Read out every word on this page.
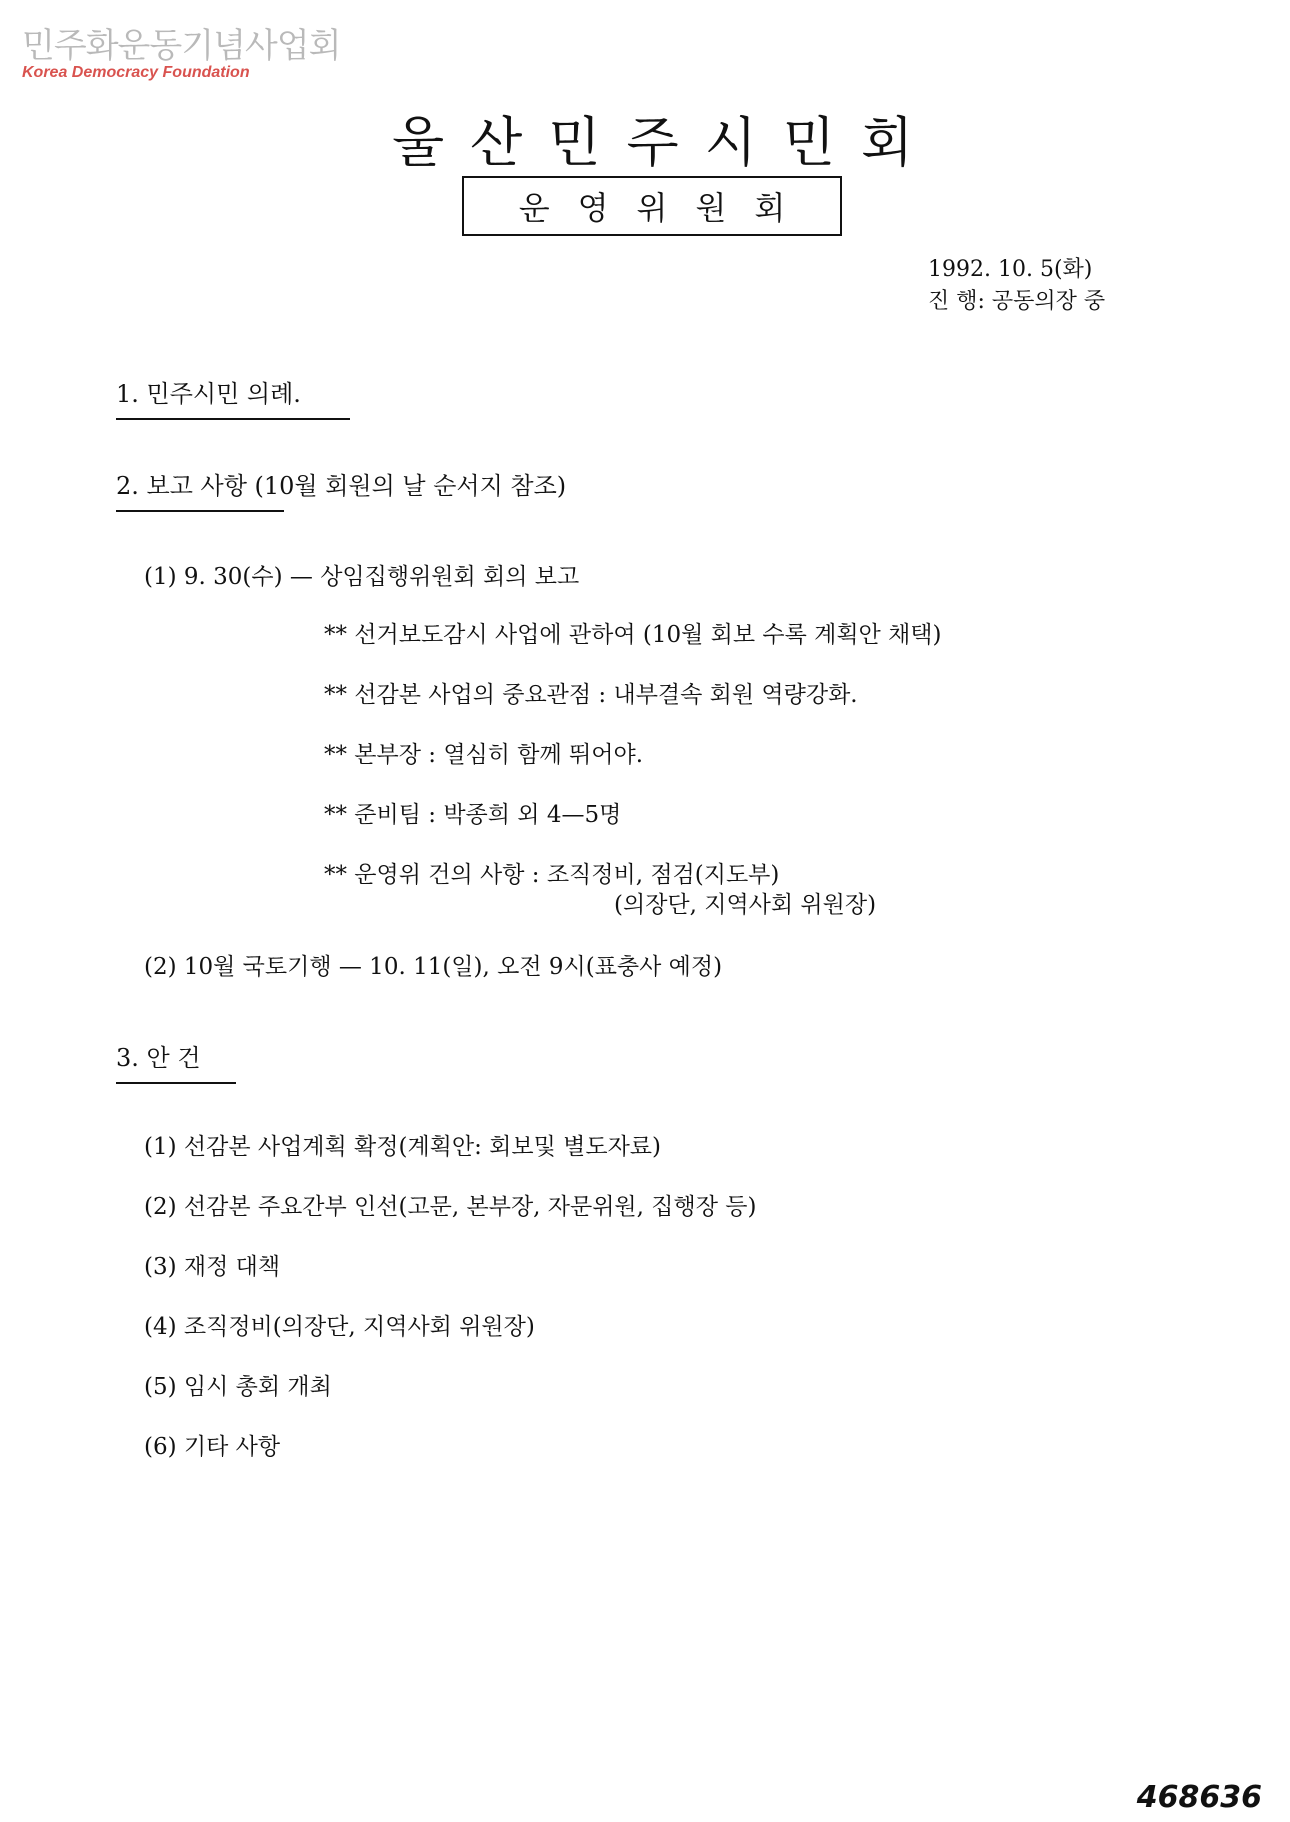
민주화운동기념사업회
Korea Democracy Foundation
울산민주시민회
운영위원회
1992. 10. 5(화)
진 행: 공동의장 중
1. 민주시민 의례.
2. 보고 사항 (10월 회원의 날 순서지 참조)
(1) 9. 30(수) — 상임집행위원회 회의 보고
** 선거보도감시 사업에 관하여 (10월 회보 수록 계획안 채택)
** 선감본 사업의 중요관점 : 내부결속 회원 역량강화.
** 본부장 : 열심히 함께 뛰어야.
** 준비팀 : 박종희 외 4—5명
** 운영위 건의 사항 : 조직정비, 점검(지도부)
(의장단, 지역사회 위원장)
(2) 10월 국토기행 — 10. 11(일), 오전 9시(표충사 예정)
3. 안 건
(1) 선감본 사업계획 확정(계획안: 회보및 별도자료)
(2) 선감본 주요간부 인선(고문, 본부장, 자문위원, 집행장 등)
(3) 재정 대책
(4) 조직정비(의장단, 지역사회 위원장)
(5) 임시 총회 개최
(6) 기타 사항
468636
